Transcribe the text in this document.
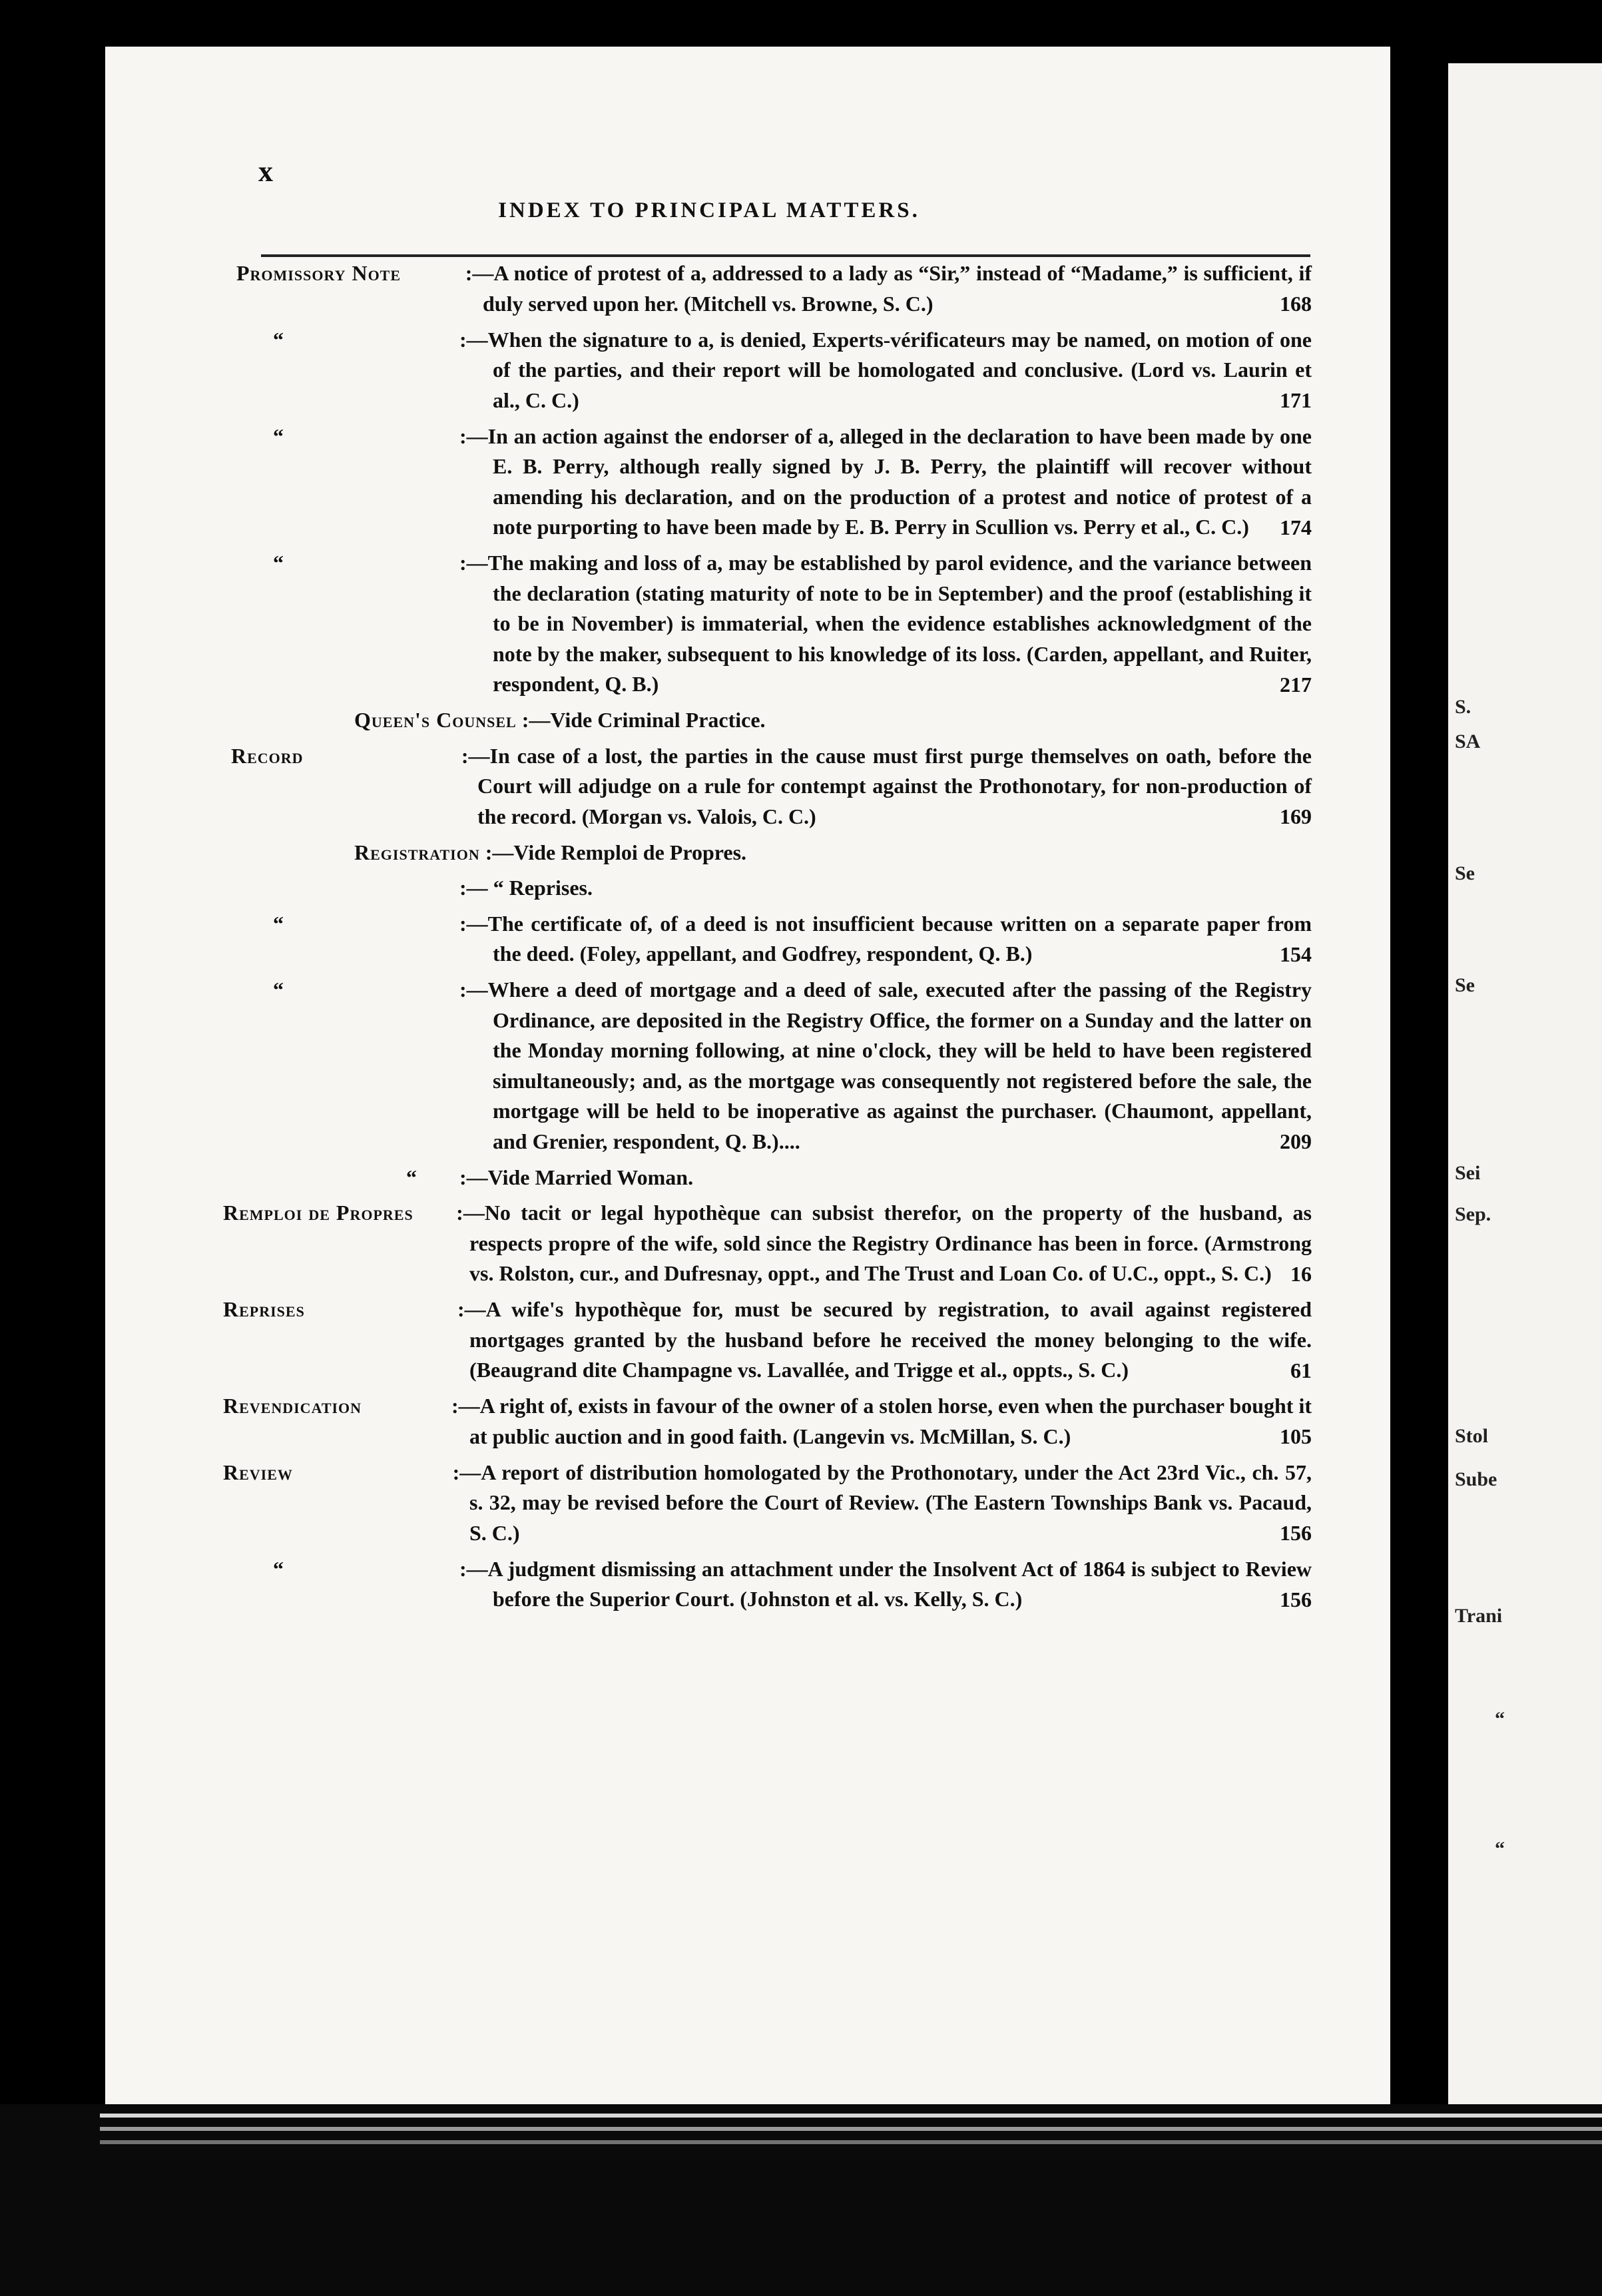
S.
SA
Se
Se
Sei
Sep.
Stol
Sube
Trani
“
“
x
INDEX TO PRINCIPAL MATTERS.
Promissory Note	:—A notice of protest of a, addressed to a lady as “Sir,” instead of “Madame,” is sufficient, if duly served upon her. (Mitchell vs. Browne, S. C.)	168
“	:—When the signature to a, is denied, Experts-vérificateurs may be named, on motion of one of the parties, and their report will be homologated and conclusive. (Lord vs. Laurin et al., C. C.)	171
“	:—In an action against the endorser of a, alleged in the declaration to have been made by one E. B. Perry, although really signed by J. B. Perry, the plaintiff will recover without amending his declaration, and on the production of a protest and notice of protest of a note purporting to have been made by E. B. Perry in Scullion vs. Perry et al., C. C.)	174
“	:—The making and loss of a, may be established by parol evidence, and the variance between the declaration (stating maturity of note to be in September) and the proof (establishing it to be in November) is immaterial, when the evidence establishes acknowledgment of the note by the maker, subsequent to his knowledge of its loss. (Carden, appellant, and Ruiter, respondent, Q. B.)	217
Queen's Counsel :—Vide Criminal Practice.
Record	:—In case of a lost, the parties in the cause must first purge themselves on oath, before the Court will adjudge on a rule for contempt against the Prothonotary, for non-production of the record. (Morgan vs. Valois, C. C.)	169
Registration :—Vide Remploi de Propres.
:— “ Reprises.
“	:—The certificate of, of a deed is not insufficient because written on a separate paper from the deed. (Foley, appellant, and Godfrey, respondent, Q. B.)	154
“	:—Where a deed of mortgage and a deed of sale, executed after the passing of the Registry Ordinance, are deposited in the Registry Office, the former on a Sunday and the latter on the Monday morning following, at nine o'clock, they will be held to have been registered simultaneously; and, as the mortgage was consequently not registered before the sale, the mortgage will be held to be inoperative as against the purchaser. (Chaumont, appellant, and Grenier, respondent, Q. B.)....	209
“ :—Vide Married Woman.
Remploi de Propres :—No tacit or legal hypothèque can subsist therefor, on the property of the husband, as respects propre of the wife, sold since the Registry Ordinance has been in force. (Armstrong vs. Rolston, cur., and Dufresnay, oppt., and The Trust and Loan Co. of U.C., oppt., S. C.) 16
Reprises	:—A wife's hypothèque for, must be secured by registration, to avail against registered mortgages granted by the husband before he received the money belonging to the wife. (Beaugrand dite Champagne vs. Lavallée, and Trigge et al., oppts., S. C.)	61
Revendication	:—A right of, exists in favour of the owner of a stolen horse, even when the purchaser bought it at public auction and in good faith. (Langevin vs. McMillan, S. C.)	105
Review	:—A report of distribution homologated by the Prothonotary, under the Act 23rd Vic., ch. 57, s. 32, may be revised before the Court of Review. (The Eastern Townships Bank vs. Pacaud, S. C.)	156
“	:—A judgment dismissing an attachment under the Insolvent Act of 1864 is subject to Review before the Superior Court. (Johnston et al. vs. Kelly, S. C.)	156
